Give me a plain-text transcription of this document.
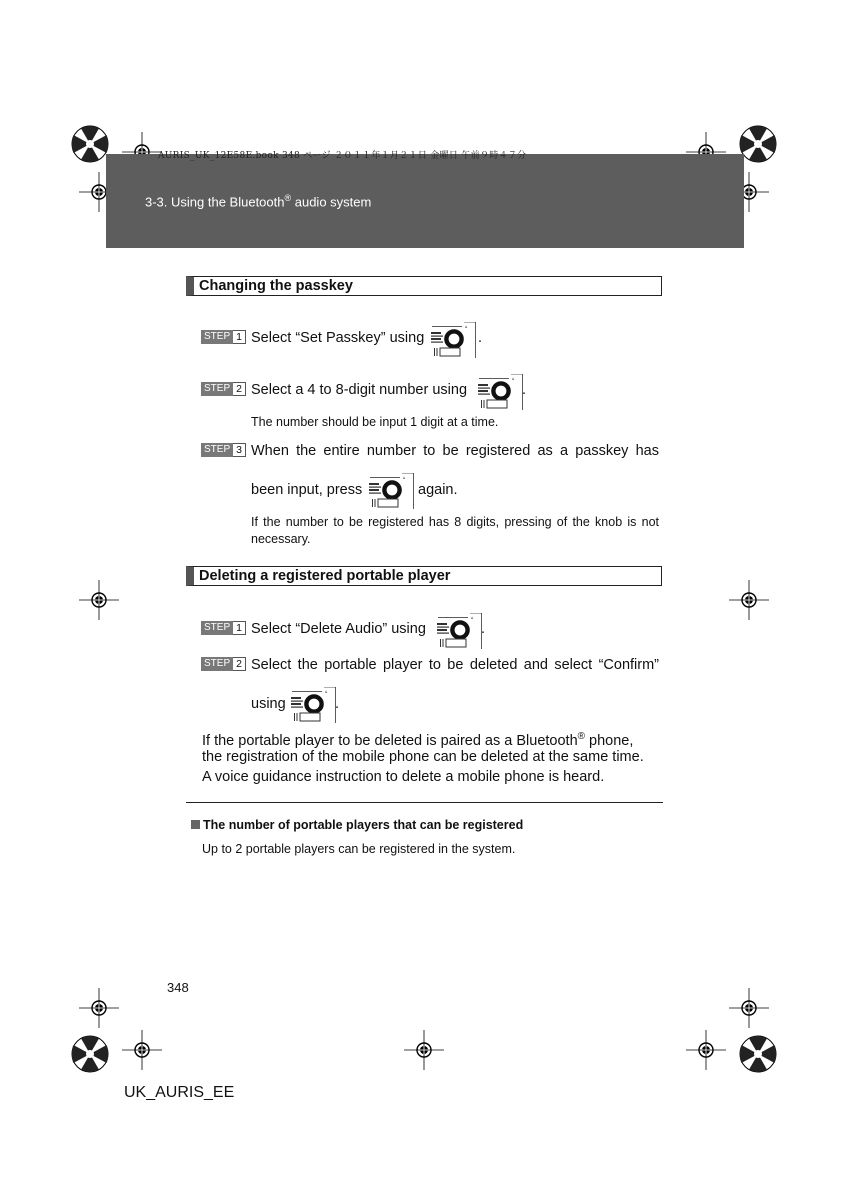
AURIS_UK_12E58E.book 348 ページ ２０１１年１月２１日 金曜日 午前９時４７分
3-3. Using the Bluetooth® audio system
Changing the passkey
STEP 1 Select “Set Passkey” using	.
STEP 2 Select a 4 to 8-digit number using	.
The number should be input 1 digit at a time.
STEP 3 When the entire number to be registered as a passkey has
been input, press	again.
If the number to be registered has 8 digits, pressing of the knob is not necessary.
Deleting a registered portable player
STEP 1 Select “Delete Audio” using	.
STEP 2 Select the portable player to be deleted and select “Confirm”
using	.
If the portable player to be deleted is paired as a Bluetooth® phone,
the registration of the mobile phone can be deleted at the same time.
A voice guidance instruction to delete a mobile phone is heard.
The number of portable players that can be registered
Up to 2 portable players can be registered in the system.
348
UK_AURIS_EE
